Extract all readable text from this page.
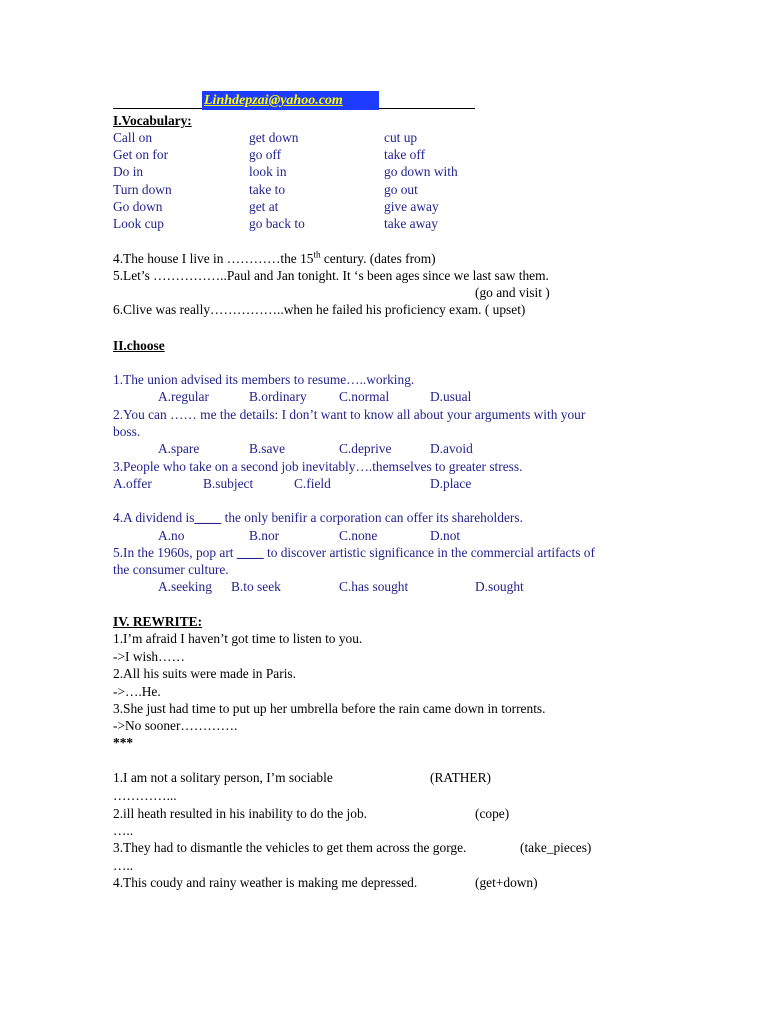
Linhdepzai@yahoo.com
I.Vocabulary:
Call on	get down	cut up
Get on for	go off	take off
Do in	look in	go down with
Turn down	take to	go out
Go down	get at	give away
Look cup	go back to	take away
4.The house I live in …………the 15th century. (dates from)
5.Let’s ……………..Paul and Jan tonight. It ‘s been ages since we last saw them.
(go and visit )
6.Clive was really……………..when he failed his proficiency exam. ( upset)
II.choose
1.The union advised its members to resume…..working.
A.regular	B.ordinary C.normal	D.usual
2.You can …… me the details: I don’t want to know all about your arguments with your
boss.
A.spare	B.save	C.deprive	D.avoid
3.People who take on a second job inevitably….themselves to greater stress.
A.offer	B.subject	C.field	D.place
4.A dividend is____ the only benifir a corporation can offer its shareholders.
A.no	B.nor	C.none	D.not
5.In the 1960s, pop art ____ to discover artistic significance in the commercial artifacts of
the consumer culture.
A.seeking B.to seek	C.has sought	D.sought
IV. REWRITE:
1.I’m afraid I haven’t got time to listen to you.
->I wish……
2.All his suits were made in Paris.
->….He.
3.She just had time to put up her umbrella before the rain came down in torrents.
->No sooner………….
***
1.I am not a solitary person, I’m sociable	(RATHER)
…………...
2.ill heath resulted in his inability to do the job.	(cope)
…..
3.They had to dismantle the vehicles to get them across the gorge.	(take_pieces)
…..
4.This coudy and rainy weather is making me depressed.	(get+down)
